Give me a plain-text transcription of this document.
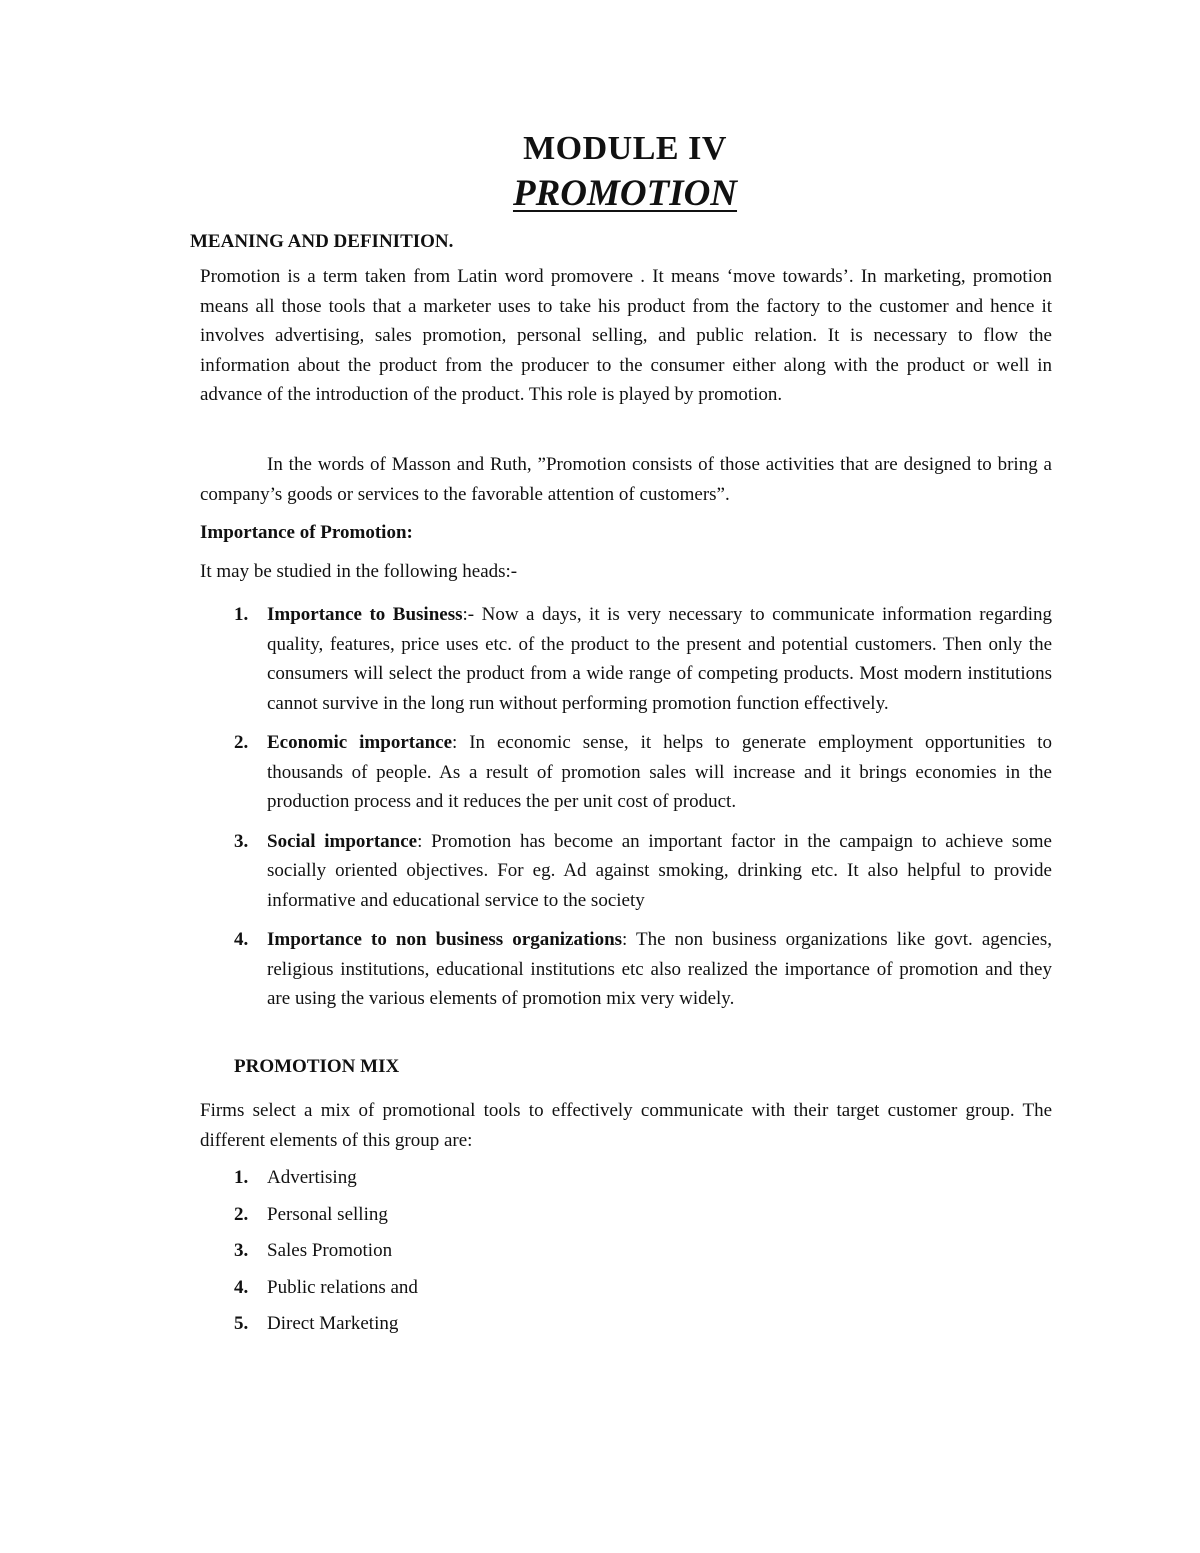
MODULE IV
PROMOTION
MEANING AND DEFINITION.
Promotion is a term taken from Latin word promovere . It means ‘move towards’. In marketing, promotion means all those tools that a marketer uses to take his product from the factory to the customer and hence it involves advertising, sales promotion, personal selling, and public relation. It is necessary to flow the information about the product from the producer to the consumer either along with the product or well in advance of the introduction of the product. This role is played by promotion.
In the words of Masson and Ruth, ”Promotion consists of those activities that are designed to bring a company’s goods or services to the favorable attention of customers”.
Importance of Promotion:
It may be studied in the following heads:-
1. Importance to Business:- Now a days, it is very necessary to communicate information regarding quality, features, price uses etc. of the product to the present and potential customers. Then only the consumers will select the product from a wide range of competing products. Most modern institutions cannot survive in the long run without performing promotion function effectively.
2. Economic importance: In economic sense, it helps to generate employment opportunities to thousands of people. As a result of promotion sales will increase and it brings economies in the production process and it reduces the per unit cost of product.
3. Social importance: Promotion has become an important factor in the campaign to achieve some socially oriented objectives. For eg. Ad against smoking, drinking etc. It also helpful to provide informative and educational service to the society
4. Importance to non business organizations: The non business organizations like govt. agencies, religious institutions, educational institutions etc also realized the importance of promotion and they are using the various elements of promotion mix very widely.
PROMOTION MIX
Firms select a mix of promotional tools to effectively communicate with their target customer group. The different elements of this group are:
1. Advertising
2. Personal selling
3. Sales Promotion
4. Public relations and
5. Direct Marketing
